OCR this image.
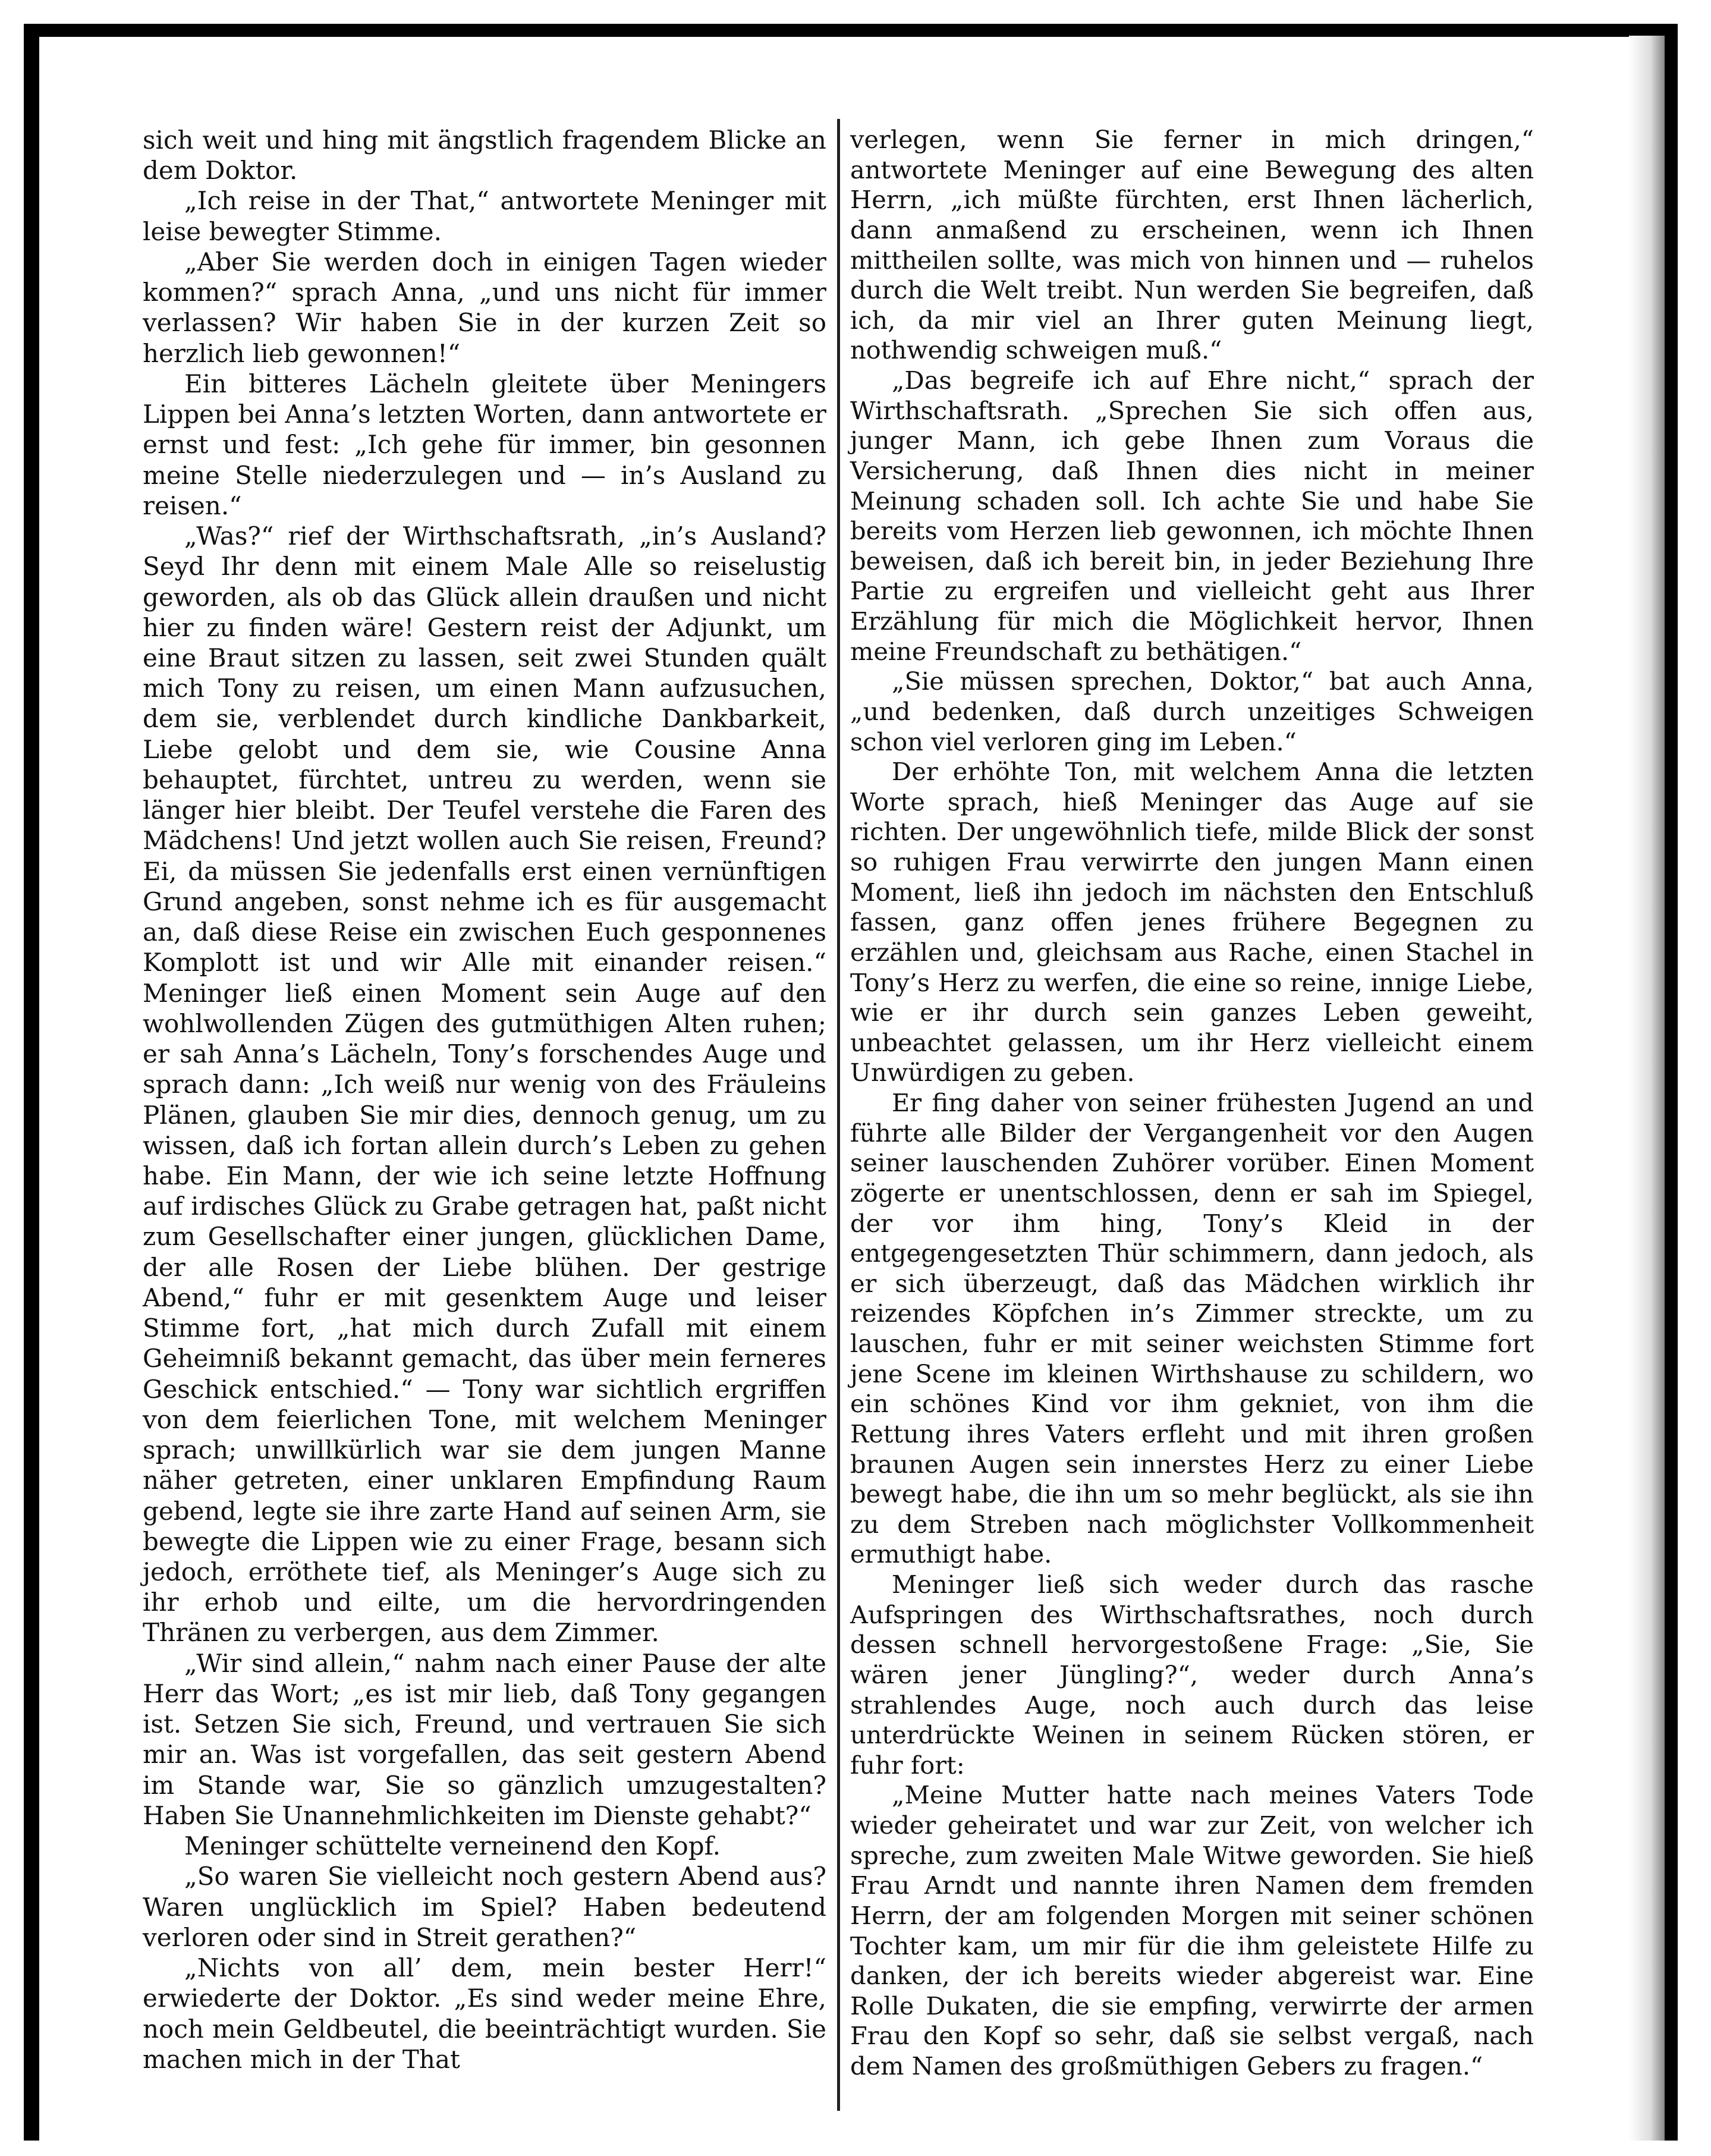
sich weit und hing mit ängstlich fragendem Blicke an dem Doktor.

„Ich reise in der That,“ antwortete Meninger mit leise bewegter Stimme.

„Aber Sie werden doch in einigen Tagen wieder kommen?“ sprach Anna, „und uns nicht für immer verlassen? Wir haben Sie in der kurzen Zeit so herzlich lieb gewonnen!“

Ein bitteres Lächeln gleitete über Meningers Lippen bei Anna’s letzten Worten, dann antwortete er ernst und fest: „Ich gehe für immer, bin gesonnen meine Stelle niederzulegen und — in’s Ausland zu reisen.“

„Was?“ rief der Wirthschaftsrath, „in’s Ausland? Seyd Ihr denn mit einem Male Alle so reiselustig geworden, als ob das Glück allein draußen und nicht hier zu finden wäre! Gestern reist der Adjunkt, um eine Braut sitzen zu lassen, seit zwei Stunden quält mich Tony zu reisen, um einen Mann aufzusuchen, dem sie, verblendet durch kindliche Dankbarkeit, Liebe gelobt und dem sie, wie Cousine Anna behauptet, fürchtet, untreu zu werden, wenn sie länger hier bleibt. Der Teufel verstehe die Faren des Mädchens! Und jetzt wollen auch Sie reisen, Freund? Ei, da müssen Sie jedenfalls erst einen vernünftigen Grund angeben, sonst nehme ich es für ausgemacht an, daß diese Reise ein zwischen Euch gesponnenes Komplott ist und wir Alle mit einander reisen.“ Meninger ließ einen Moment sein Auge auf den wohlwollenden Zügen des gutmüthigen Alten ruhen; er sah Anna’s Lächeln, Tony’s forschendes Auge und sprach dann: „Ich weiß nur wenig von des Fräuleins Plänen, glauben Sie mir dies, dennoch genug, um zu wissen, daß ich fortan allein durch’s Leben zu gehen habe. Ein Mann, der wie ich seine letzte Hoffnung auf irdisches Glück zu Grabe getragen hat, paßt nicht zum Gesellschafter einer jungen, glücklichen Dame, der alle Rosen der Liebe blühen. Der gestrige Abend,“ fuhr er mit gesenktem Auge und leiser Stimme fort, „hat mich durch Zufall mit einem Geheimniß bekannt gemacht, das über mein ferneres Geschick entschied.“ — Tony war sichtlich ergriffen von dem feierlichen Tone, mit welchem Meninger sprach; unwillkürlich war sie dem jungen Manne näher getreten, einer unklaren Empfindung Raum gebend, legte sie ihre zarte Hand auf seinen Arm, sie bewegte die Lippen wie zu einer Frage, besann sich jedoch, erröthete tief, als Meninger’s Auge sich zu ihr erhob und eilte, um die hervordringenden Thränen zu verbergen, aus dem Zimmer.

„Wir sind allein,“ nahm nach einer Pause der alte Herr das Wort; „es ist mir lieb, daß Tony gegangen ist. Setzen Sie sich, Freund, und vertrauen Sie sich mir an. Was ist vorgefallen, das seit gestern Abend im Stande war, Sie so gänzlich umzugestalten? Haben Sie Unannehmlichkeiten im Dienste gehabt?“

Meninger schüttelte verneinend den Kopf.

„So waren Sie vielleicht noch gestern Abend aus? Waren unglücklich im Spiel? Haben bedeutend verloren oder sind in Streit gerathen?“

„Nichts von all’ dem, mein bester Herr!“ erwiederte der Doktor. „Es sind weder meine Ehre, noch mein Geldbeutel, die beeinträchtigt wurden. Sie machen mich in der That

verlegen, wenn Sie ferner in mich dringen,“ antwortete Meninger auf eine Bewegung des alten Herrn, „ich müßte fürchten, erst Ihnen lächerlich, dann anmaßend zu erscheinen, wenn ich Ihnen mittheilen sollte, was mich von hinnen und — ruhelos durch die Welt treibt. Nun werden Sie begreifen, daß ich, da mir viel an Ihrer guten Meinung liegt, nothwendig schweigen muß.“

„Das begreife ich auf Ehre nicht,“ sprach der Wirthschaftsrath. „Sprechen Sie sich offen aus, junger Mann, ich gebe Ihnen zum Voraus die Versicherung, daß Ihnen dies nicht in meiner Meinung schaden soll. Ich achte Sie und habe Sie bereits vom Herzen lieb gewonnen, ich möchte Ihnen beweisen, daß ich bereit bin, in jeder Beziehung Ihre Partie zu ergreifen und vielleicht geht aus Ihrer Erzählung für mich die Möglichkeit hervor, Ihnen meine Freundschaft zu bethätigen.“

„Sie müssen sprechen, Doktor,“ bat auch Anna, „und bedenken, daß durch unzeitiges Schweigen schon viel verloren ging im Leben.“

Der erhöhte Ton, mit welchem Anna die letzten Worte sprach, hieß Meninger das Auge auf sie richten. Der ungewöhnlich tiefe, milde Blick der sonst so ruhigen Frau verwirrte den jungen Mann einen Moment, ließ ihn jedoch im nächsten den Entschluß fassen, ganz offen jenes frühere Begegnen zu erzählen und, gleichsam aus Rache, einen Stachel in Tony’s Herz zu werfen, die eine so reine, innige Liebe, wie er ihr durch sein ganzes Leben geweiht, unbeachtet gelassen, um ihr Herz vielleicht einem Unwürdigen zu geben.

Er fing daher von seiner frühesten Jugend an und führte alle Bilder der Vergangenheit vor den Augen seiner lauschenden Zuhörer vorüber. Einen Moment zögerte er unentschlossen, denn er sah im Spiegel, der vor ihm hing, Tony’s Kleid in der entgegengesetzten Thür schimmern, dann jedoch, als er sich überzeugt, daß das Mädchen wirklich ihr reizendes Köpfchen in’s Zimmer streckte, um zu lauschen, fuhr er mit seiner weichsten Stimme fort jene Scene im kleinen Wirthshause zu schildern, wo ein schönes Kind vor ihm gekniet, von ihm die Rettung ihres Vaters erfleht und mit ihren großen braunen Augen sein innerstes Herz zu einer Liebe bewegt habe, die ihn um so mehr beglückt, als sie ihn zu dem Streben nach möglichster Vollkommenheit ermuthigt habe.

Meninger ließ sich weder durch das rasche Aufspringen des Wirthschaftsrathes, noch durch dessen schnell hervorgestoßene Frage: „Sie, Sie wären jener Jüngling?“, weder durch Anna’s strahlendes Auge, noch auch durch das leise unterdrückte Weinen in seinem Rücken stören, er fuhr fort:

„Meine Mutter hatte nach meines Vaters Tode wieder geheiratet und war zur Zeit, von welcher ich spreche, zum zweiten Male Witwe geworden. Sie hieß Frau Arndt und nannte ihren Namen dem fremden Herrn, der am folgenden Morgen mit seiner schönen Tochter kam, um mir für die ihm geleistete Hilfe zu danken, der ich bereits wieder abgereist war. Eine Rolle Dukaten, die sie empfing, verwirrte der armen Frau den Kopf so sehr, daß sie selbst vergaß, nach dem Namen des großmüthigen Gebers zu fragen.“
